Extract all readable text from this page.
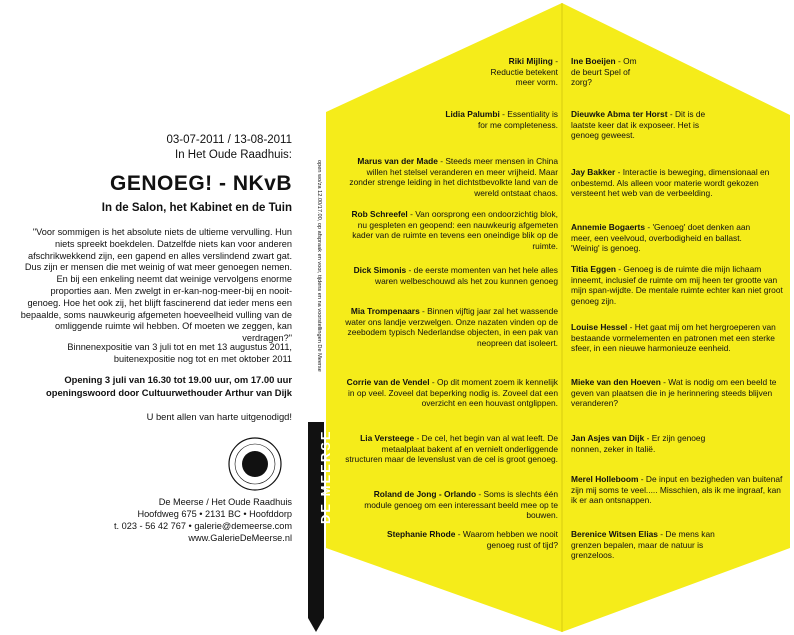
03-07-2011 / 13-08-2011
In Het Oude Raadhuis:
GENOEG! - NKvB
In de Salon, het Kabinet en de Tuin
"Voor sommigen is het absolute niets de ultieme vervulling. Hun niets spreekt boekdelen. Datzelfde niets kan voor anderen afschrikwekkend zijn, een gapend en alles verslindend zwart gat. Dus zijn er mensen die met weinig of wat meer genoegen nemen. En bij een enkeling neemt dat weinige vervolgens enorme proporties aan. Men zwelgt in er-kan-nog-meer-bij en nooit-genoeg. Hoe het ook zij, het blijft fascinerend dat ieder mens een bepaalde, soms nauwkeurig afgemeten hoeveelheid vulling van de omliggende ruimte wil hebben. Of moeten we zeggen, kan verdragen?"
Binnenexpositie van 3 juli tot en met 13 augustus 2011,
buitenexpositie nog tot en met oktober 2011
Opening 3 juli van 16.30 tot 19.00 uur, om 17.00 uur openingswoord door Cultuurwethouder Arthur van Dijk
U bent allen van harte uitgenodigd!
De Meerse / Het Oude Raadhuis
Hoofdweg 675 • 2131 BC • Hoofddorp
t. 023 - 56 42 767 • galerie@demeerse.com
www.GalerieDeMeerse.nl
open wo/za 12.00/17.00, op afspraak en voor, tijdens en na voorstellingen De Meerse
DE MEERSE
Riki Mijling - Reductie betekent meer vorm.
Lidia Palumbi - Essentiality is for me completeness.
Marus van der Made - Steeds meer mensen in China willen het stelsel veranderen en meer vrijheid. Maar zonder strenge leiding in het dichtstbevolkte land van de wereld ontstaat chaos.
Rob Schreefel - Van oorsprong een ondoorzichtig blok, nu gespleten en geopend: een nauwkeurig afgemeten kader van de ruimte en tevens een oneindige blik op de ruimte.
Dick Simonis - de eerste momenten van het hele alles waren welbeschouwd als het zou kunnen genoeg
Mia Trompenaars - Binnen vijftig jaar zal het wassende water ons landje verzwelgen. Onze nazaten vinden op de zeebodem typisch Nederlandse objecten, in een pak van neopreen dat isoleert.
Corrie van de Vendel - Op dit moment zoem ik kennelijk in op veel. Zoveel dat beperking nodig is. Zoveel dat een overzicht en een houvast ontglippen.
Lia Versteege - De cel, het begin van al wat leeft. De metaalplaat bakent af en vernielt onderliggende structuren maar de levenslust van de cel is groot genoeg.
Roland de Jong - Orlando - Soms is slechts één module genoeg om een interessant beeld mee op te bouwen.
Stephanie Rhode - Waarom hebben we nooit genoeg rust of tijd?
Ine Boeijen - Om de beurt Spel of zorg?
Dieuwke Abma ter Horst - Dit is de laatste keer dat ik exposeer. Het is genoeg geweest.
Jay Bakker - Interactie is beweging, dimensionaal en onbestemd. Als alleen voor materie wordt gekozen versteent het web van de verbeelding.
Annemie Bogaerts - 'Genoeg' doet denken aan meer, een veelvoud, overbodigheid en ballast. 'Weinig' is genoeg.
Titia Eggen - Genoeg is de ruimte die mijn lichaam inneemt, inclusief de ruimte om mij heen ter grootte van mijn span-wijdte. De mentale ruimte echter kan niet groot genoeg zijn.
Louise Hessel - Het gaat mij om het hergroeperen van bestaande vormelementen en patronen met een sterke sfeer, in een nieuwe harmonieuze eenheid.
Mieke van den Hoeven - Wat is nodig om een beeld te geven van plaatsen die in je herinnering steeds blijven veranderen?
Jan Asjes van Dijk - Er zijn genoeg nonnen, zeker in Italië.
Merel Holleboom - De input en bezigheden van buitenaf zijn mij soms te veel..... Misschien, als ik me ingraaf, kan ik er aan ontsnappen.
Berenice Witsen Elias - De mens kan grenzen bepalen, maar de natuur is grenzeloos.
